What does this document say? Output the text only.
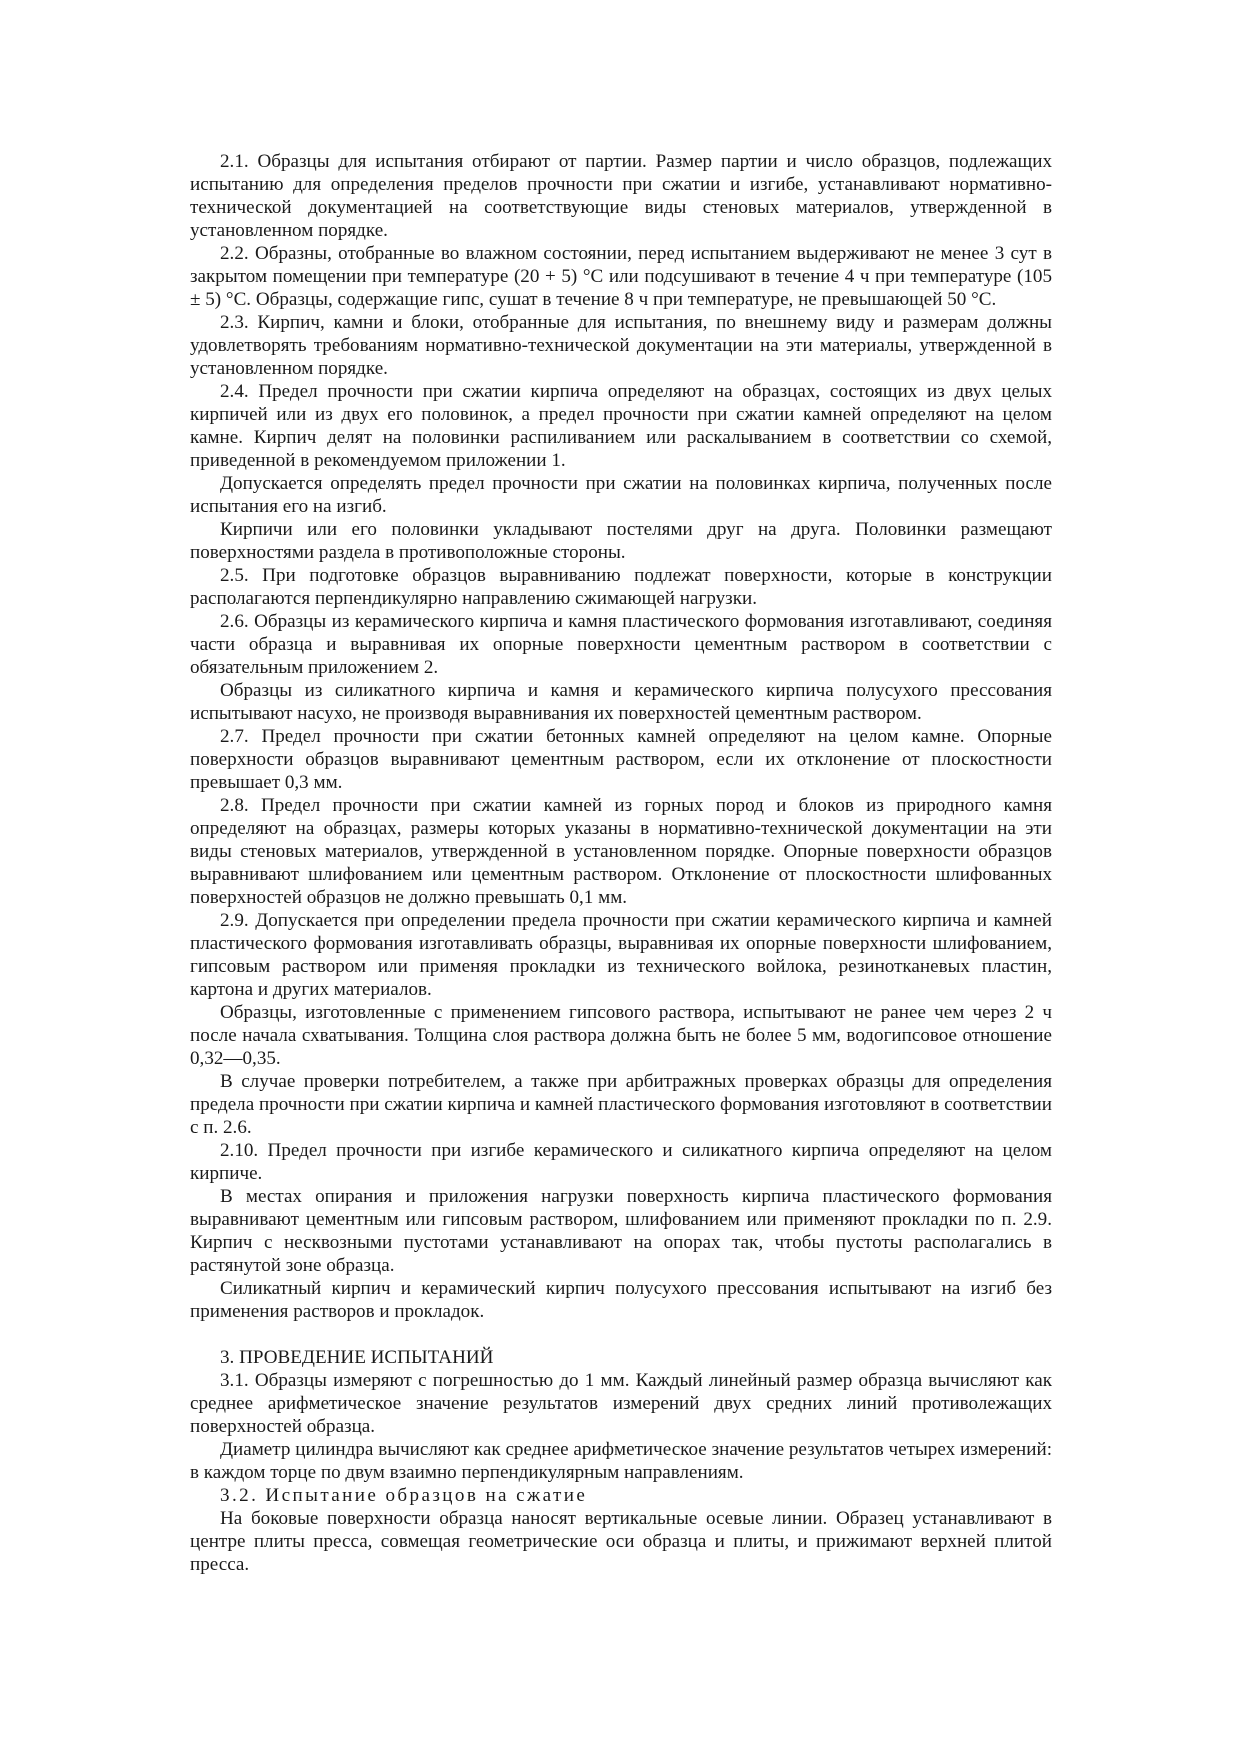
2.1. Образцы для испытания отбирают от партии. Размер партии и число образцов, подлежащих испытанию для определения пределов прочности при сжатии и изгибе, устанавливают нормативно-технической документацией на соответствующие виды стеновых материалов, утвержденной в установленном порядке.

2.2. Образны, отобранные во влажном состоянии, перед испытанием выдерживают не менее 3 сут в закрытом помещении при температуре (20 + 5) °С или подсушивают в течение 4 ч при температуре (105 ± 5) °С. Образцы, содержащие гипс, сушат в течение 8 ч при температуре, не превышающей 50 °С.

2.3. Кирпич, камни и блоки, отобранные для испытания, по внешнему виду и размерам должны удовлетворять требованиям нормативно-технической документации на эти материалы, утвержденной в установленном порядке.

2.4. Предел прочности при сжатии кирпича определяют на образцах, состоящих из двух целых кирпичей или из двух его половинок, а предел прочности при сжатии камней определяют на целом камне. Кирпич делят на половинки распиливанием или раскалыванием в соответствии со схемой, приведенной в рекомендуемом приложении 1.

Допускается определять предел прочности при сжатии на половинках кирпича, полученных после испытания его на изгиб.

Кирпичи или его половинки укладывают постелями друг на друга. Половинки размещают поверхностями раздела в противоположные стороны.

2.5. При подготовке образцов выравниванию подлежат поверхности, которые в конструкции располагаются перпендикулярно направлению сжимающей нагрузки.

2.6. Образцы из керамического кирпича и камня пластического формования изготавливают, соединяя части образца и выравнивая их опорные поверхности цементным раствором в соответствии с обязательным приложением 2.

Образцы из силикатного кирпича и камня и керамического кирпича полусухого прессования испытывают насухо, не производя выравнивания их поверхностей цементным раствором.

2.7. Предел прочности при сжатии бетонных камней определяют на целом камне. Опорные поверхности образцов выравнивают цементным раствором, если их отклонение от плоскостности превышает 0,3 мм.

2.8. Предел прочности при сжатии камней из горных пород и блоков из природного камня определяют на образцах, размеры которых указаны в нормативно-технической документации на эти виды стеновых материалов, утвержденной в установленном порядке. Опорные поверхности образцов выравнивают шлифованием или цементным раствором. Отклонение от плоскостности шлифованных поверхностей образцов не должно превышать 0,1 мм.

2.9. Допускается при определении предела прочности при сжатии керамического кирпича и камней пластического формования изготавливать образцы, выравнивая их опорные поверхности шлифованием, гипсовым раствором или применяя прокладки из технического войлока, резинотканевых пластин, картона и других материалов.

Образцы, изготовленные с применением гипсового раствора, испытывают не ранее чем через 2 ч после начала схватывания. Толщина слоя раствора должна быть не более 5 мм, водогипсовое отношение 0,32—0,35.

В случае проверки потребителем, а также при арбитражных проверках образцы для определения предела прочности при сжатии кирпича и камней пластического формования изготовляют в соответствии с п. 2.6.

2.10. Предел прочности при изгибе керамического и силикатного кирпича определяют на целом кирпиче.

В местах опирания и приложения нагрузки поверхность кирпича пластического формования выравнивают цементным или гипсовым раствором, шлифованием или применяют прокладки по п. 2.9. Кирпич с несквозными пустотами устанавливают на опорах так, чтобы пустоты располагались в растянутой зоне образца.

Силикатный кирпич и керамический кирпич полусухого прессования испытывают на изгиб без применения растворов и прокладок.

3. ПРОВЕДЕНИЕ ИСПЫТАНИЙ

3.1. Образцы измеряют с погрешностью до 1 мм. Каждый линейный размер образца вычисляют как среднее арифметическое значение результатов измерений двух средних линий противолежащих поверхностей образца.

Диаметр цилиндра вычисляют как среднее арифметическое значение результатов четырех измерений: в каждом торце по двум взаимно перпендикулярным направлениям.

3.2. Испытание образцов на сжатие

На боковые поверхности образца наносят вертикальные осевые линии. Образец устанавливают в центре плиты пресса, совмещая геометрические оси образца и плиты, и прижимают верхней плитой пресса.
